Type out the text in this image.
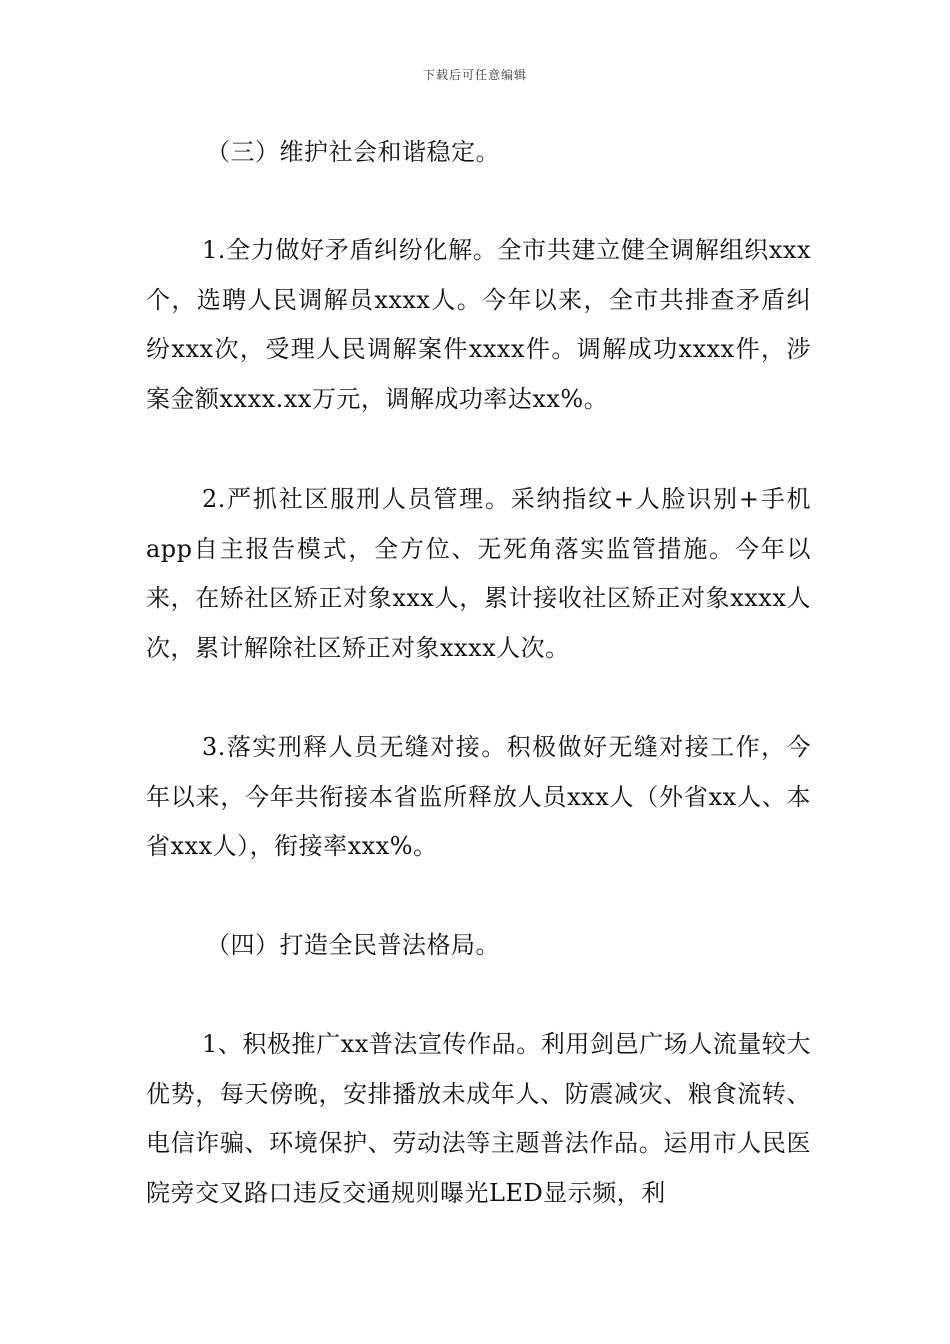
下载后可任意编辑

（三）维护社会和谐稳定。

1.全力做好矛盾纠纷化解。全市共建立健全调解组织xxx个，选聘人民调解员xxxx人。今年以来，全市共排查矛盾纠纷xxx次，受理人民调解案件xxxx件。调解成功xxxx件，涉案金额xxxx.xx万元，调解成功率达xx%。

2.严抓社区服刑人员管理。采纳指纹+人脸识别+手机app自主报告模式，全方位、无死角落实监管措施。今年以来，在矫社区矫正对象xxx人，累计接收社区矫正对象xxxx人次，累计解除社区矫正对象xxxx人次。

3.落实刑释人员无缝对接。积极做好无缝对接工作，今年以来，今年共衔接本省监所释放人员xxx人（外省xx人、本省xxx人），衔接率xxx%。

（四）打造全民普法格局。

1、积极推广xx普法宣传作品。利用剑邑广场人流量较大优势，每天傍晚，安排播放未成年人、防震减灾、粮食流转、电信诈骗、环境保护、劳动法等主题普法作品。运用市人民医院旁交叉路口违反交通规则曝光LED显示频，利
